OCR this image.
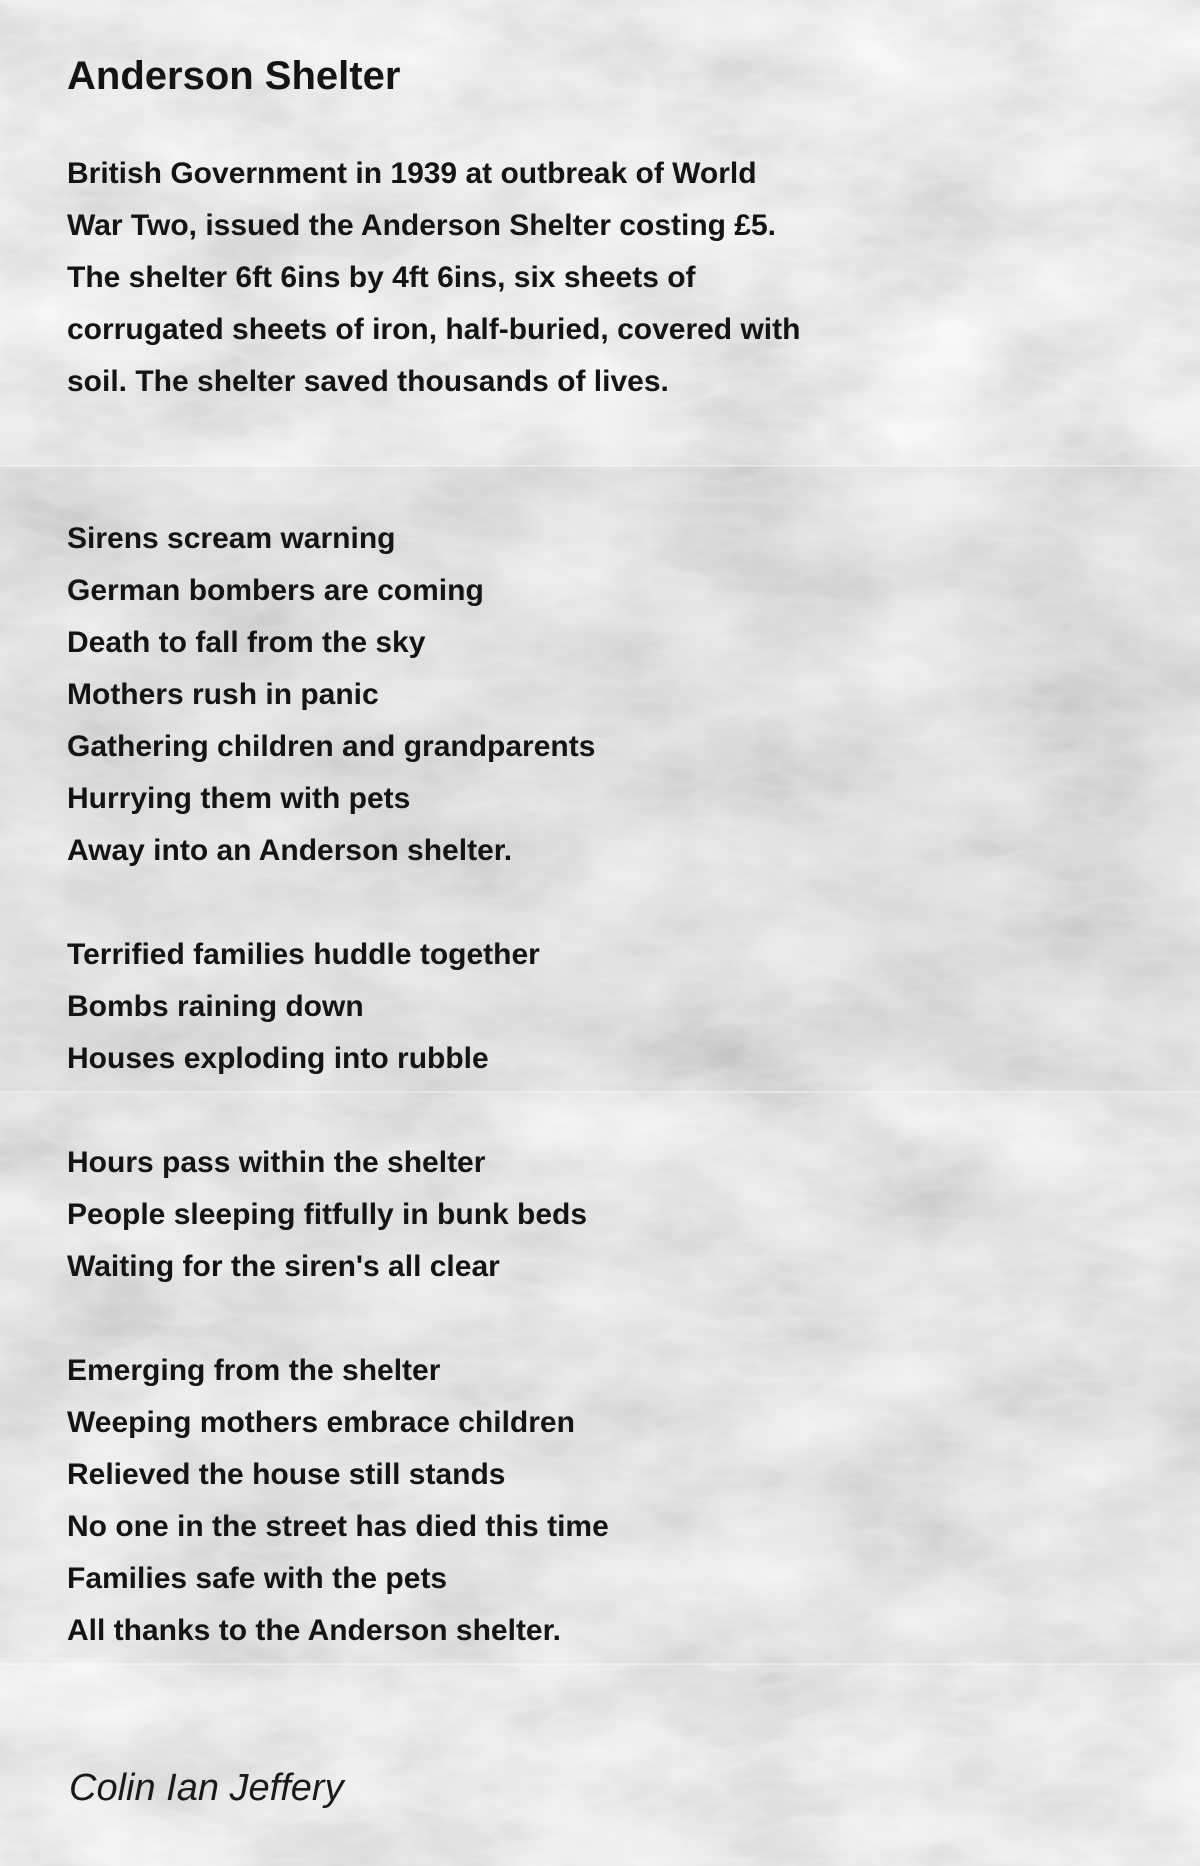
Anderson Shelter
British Government in 1939 at outbreak of World
War Two, issued the Anderson Shelter costing £5.
The shelter 6ft 6ins by 4ft 6ins, six sheets of
corrugated sheets of iron, half-buried, covered with
soil. The shelter saved thousands of lives.
Sirens scream warning
German bombers are coming
Death to fall from the sky
Mothers rush in panic
Gathering children and grandparents
Hurrying them with pets
Away into an Anderson shelter.
Terrified families huddle together
Bombs raining down
Houses exploding into rubble
Hours pass within the shelter
People sleeping fitfully in bunk beds
Waiting for the siren's all clear
Emerging from the shelter
Weeping mothers embrace children
Relieved the house still stands
No one in the street has died this time
Families safe with the pets
All thanks to the Anderson shelter.

Colin Ian Jeffery
